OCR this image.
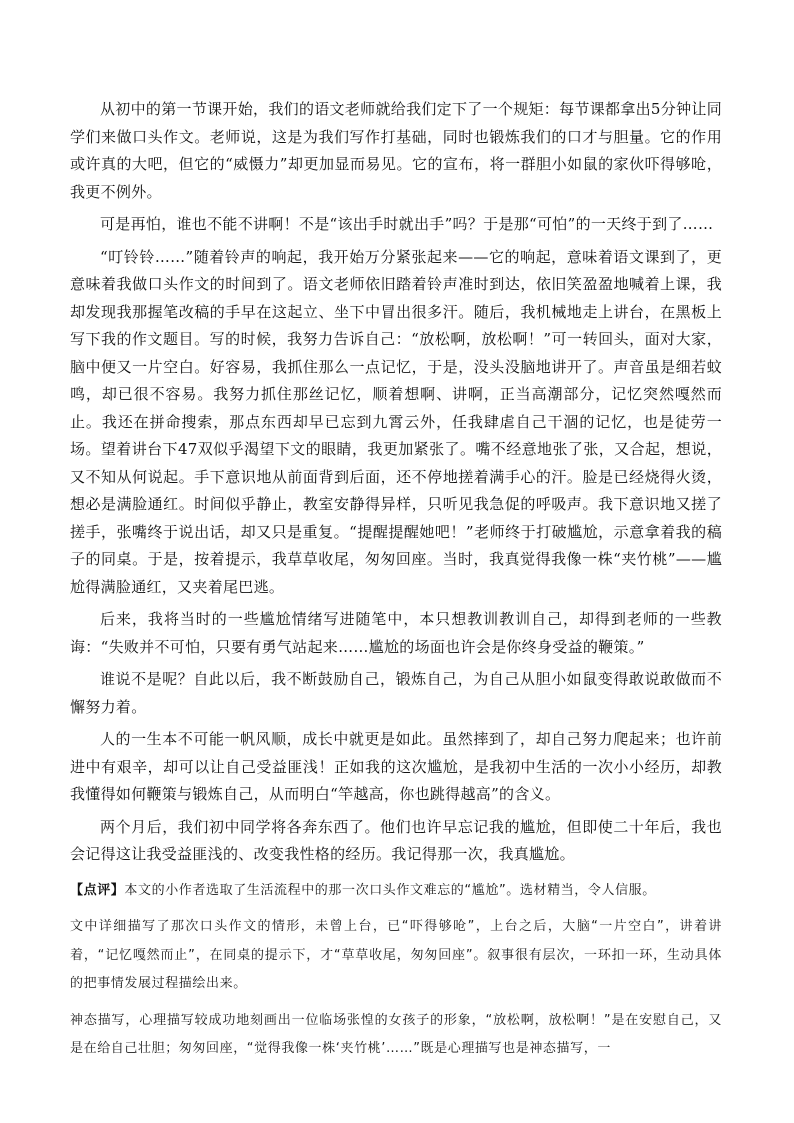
从初中的第一节课开始，我们的语文老师就给我们定下了一个规矩：每节课都拿出5分钟让同学们来做口头作文。老师说，这是为我们写作打基础，同时也锻炼我们的口才与胆量。它的作用或许真的大吧，但它的“威慑力”却更加显而易见。它的宣布，将一群胆小如鼠的家伙吓得够呛，我更不例外。

可是再怕，谁也不能不讲啊！不是“该出手时就出手”吗？于是那“可怕”的一天终于到了……

“叮铃铃……”随着铃声的响起，我开始万分紧张起来——它的响起，意味着语文课到了，更意味着我做口头作文的时间到了。语文老师依旧踏着铃声准时到达，依旧笑盈盈地喊着上课，我却发现我那握笔改稿的手早在这起立、坐下中冒出很多汗。随后，我机械地走上讲台，在黑板上写下我的作文题目。写的时候，我努力告诉自己：“放松啊，放松啊！”可一转回头，面对大家，脑中便又一片空白。好容易，我抓住那么一点记忆，于是，没头没脑地讲开了。声音虽是细若蚊鸣，却已很不容易。我努力抓住那丝记忆，顺着想啊、讲啊，正当高潮部分，记忆突然嘎然而止。我还在拼命搜索，那点东西却早已忘到九霄云外，任我肆虐自己干涸的记忆，也是徒劳一场。望着讲台下47双似乎渴望下文的眼睛，我更加紧张了。嘴不经意地张了张，又合起，想说，又不知从何说起。手下意识地从前面背到后面，还不停地搓着满手心的汗。脸是已经烧得火烫，想必是满脸通红。时间似乎静止，教室安静得异样，只听见我急促的呼吸声。我下意识地又搓了搓手，张嘴终于说出话，却又只是重复。“提醒提醒她吧！”老师终于打破尴尬，示意拿着我的稿子的同桌。于是，按着提示，我草草收尾，匆匆回座。当时，我真觉得我像一株“夹竹桃”——尴尬得满脸通红，又夹着尾巴逃。

后来，我将当时的一些尴尬情绪写进随笔中，本只想教训教训自己，却得到老师的一些教诲：“失败并不可怕，只要有勇气站起来……尴尬的场面也许会是你终身受益的鞭策。”

谁说不是呢？自此以后，我不断鼓励自己，锻炼自己，为自己从胆小如鼠变得敢说敢做而不懈努力着。

人的一生本不可能一帆风顺，成长中就更是如此。虽然摔到了，却自己努力爬起来；也许前进中有艰辛，却可以让自己受益匪浅！正如我的这次尴尬，是我初中生活的一次小小经历，却教我懂得如何鞭策与锻炼自己，从而明白“竿越高，你也跳得越高”的含义。

两个月后，我们初中同学将各奔东西了。他们也许早忘记我的尴尬，但即使二十年后，我也会记得这让我受益匪浅的、改变我性格的经历。我记得那一次，我真尴尬。

【点评】本文的小作者选取了生活流程中的那一次口头作文难忘的“尴尬”。选材精当，令人信服。

文中详细描写了那次口头作文的情形，未曾上台，已“吓得够呛”，上台之后，大脑“一片空白”，讲着讲着，“记忆嘎然而止”，在同桌的提示下，才“草草收尾，匆匆回座”。叙事很有层次，一环扣一环，生动具体的把事情发展过程描绘出来。

神态描写，心理描写较成功地刻画出一位临场张惶的女孩子的形象，“放松啊，放松啊！”是在安慰自己，又是在给自己壮胆；匆匆回座，“觉得我像一株‘夹竹桃’……”既是心理描写也是神态描写，一
